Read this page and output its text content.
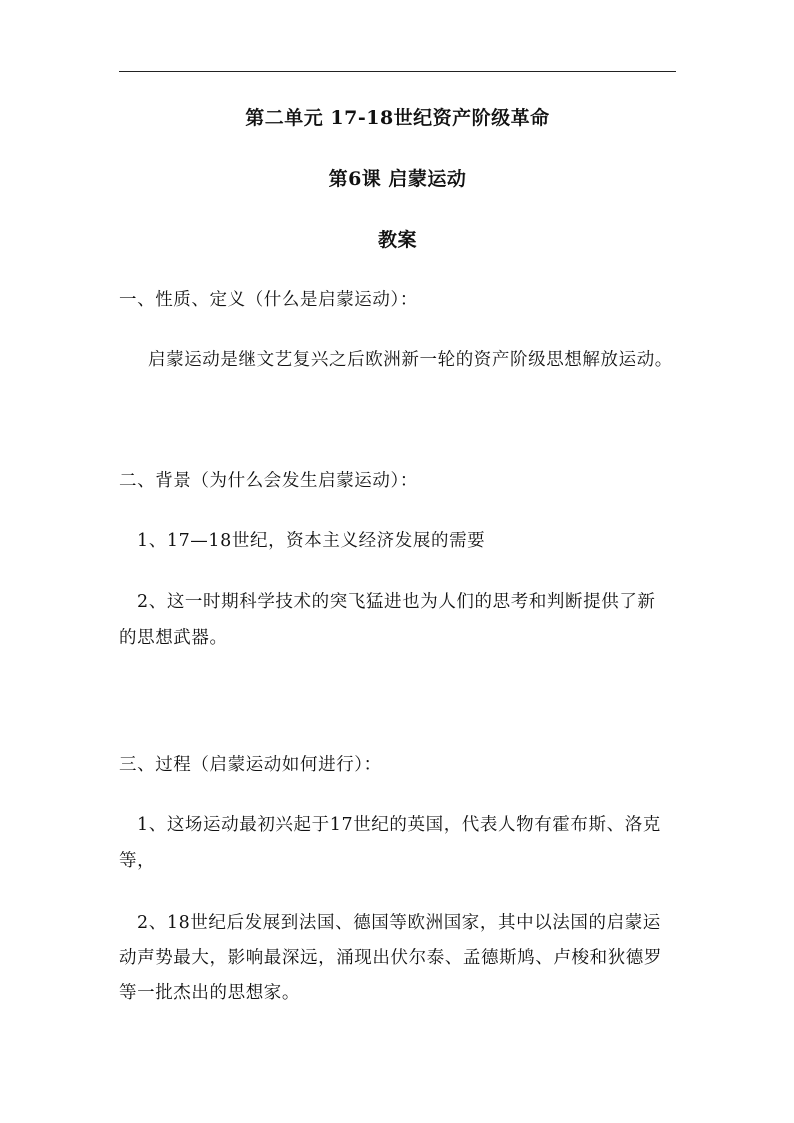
第二单元 17-18世纪资产阶级革命
第6课 启蒙运动
教案
一、性质、定义（什么是启蒙运动）：
启蒙运动是继文艺复兴之后欧洲新一轮的资产阶级思想解放运动。
二、背景（为什么会发生启蒙运动）：
1、17—18世纪，资本主义经济发展的需要
2、这一时期科学技术的突飞猛进也为人们的思考和判断提供了新
的思想武器。
三、过程（启蒙运动如何进行）：
1、这场运动最初兴起于17世纪的英国，代表人物有霍布斯、洛克
等，
2、18世纪后发展到法国、德国等欧洲国家，其中以法国的启蒙运
动声势最大，影响最深远，涌现出伏尔泰、孟德斯鸠、卢梭和狄德罗
等一批杰出的思想家。
